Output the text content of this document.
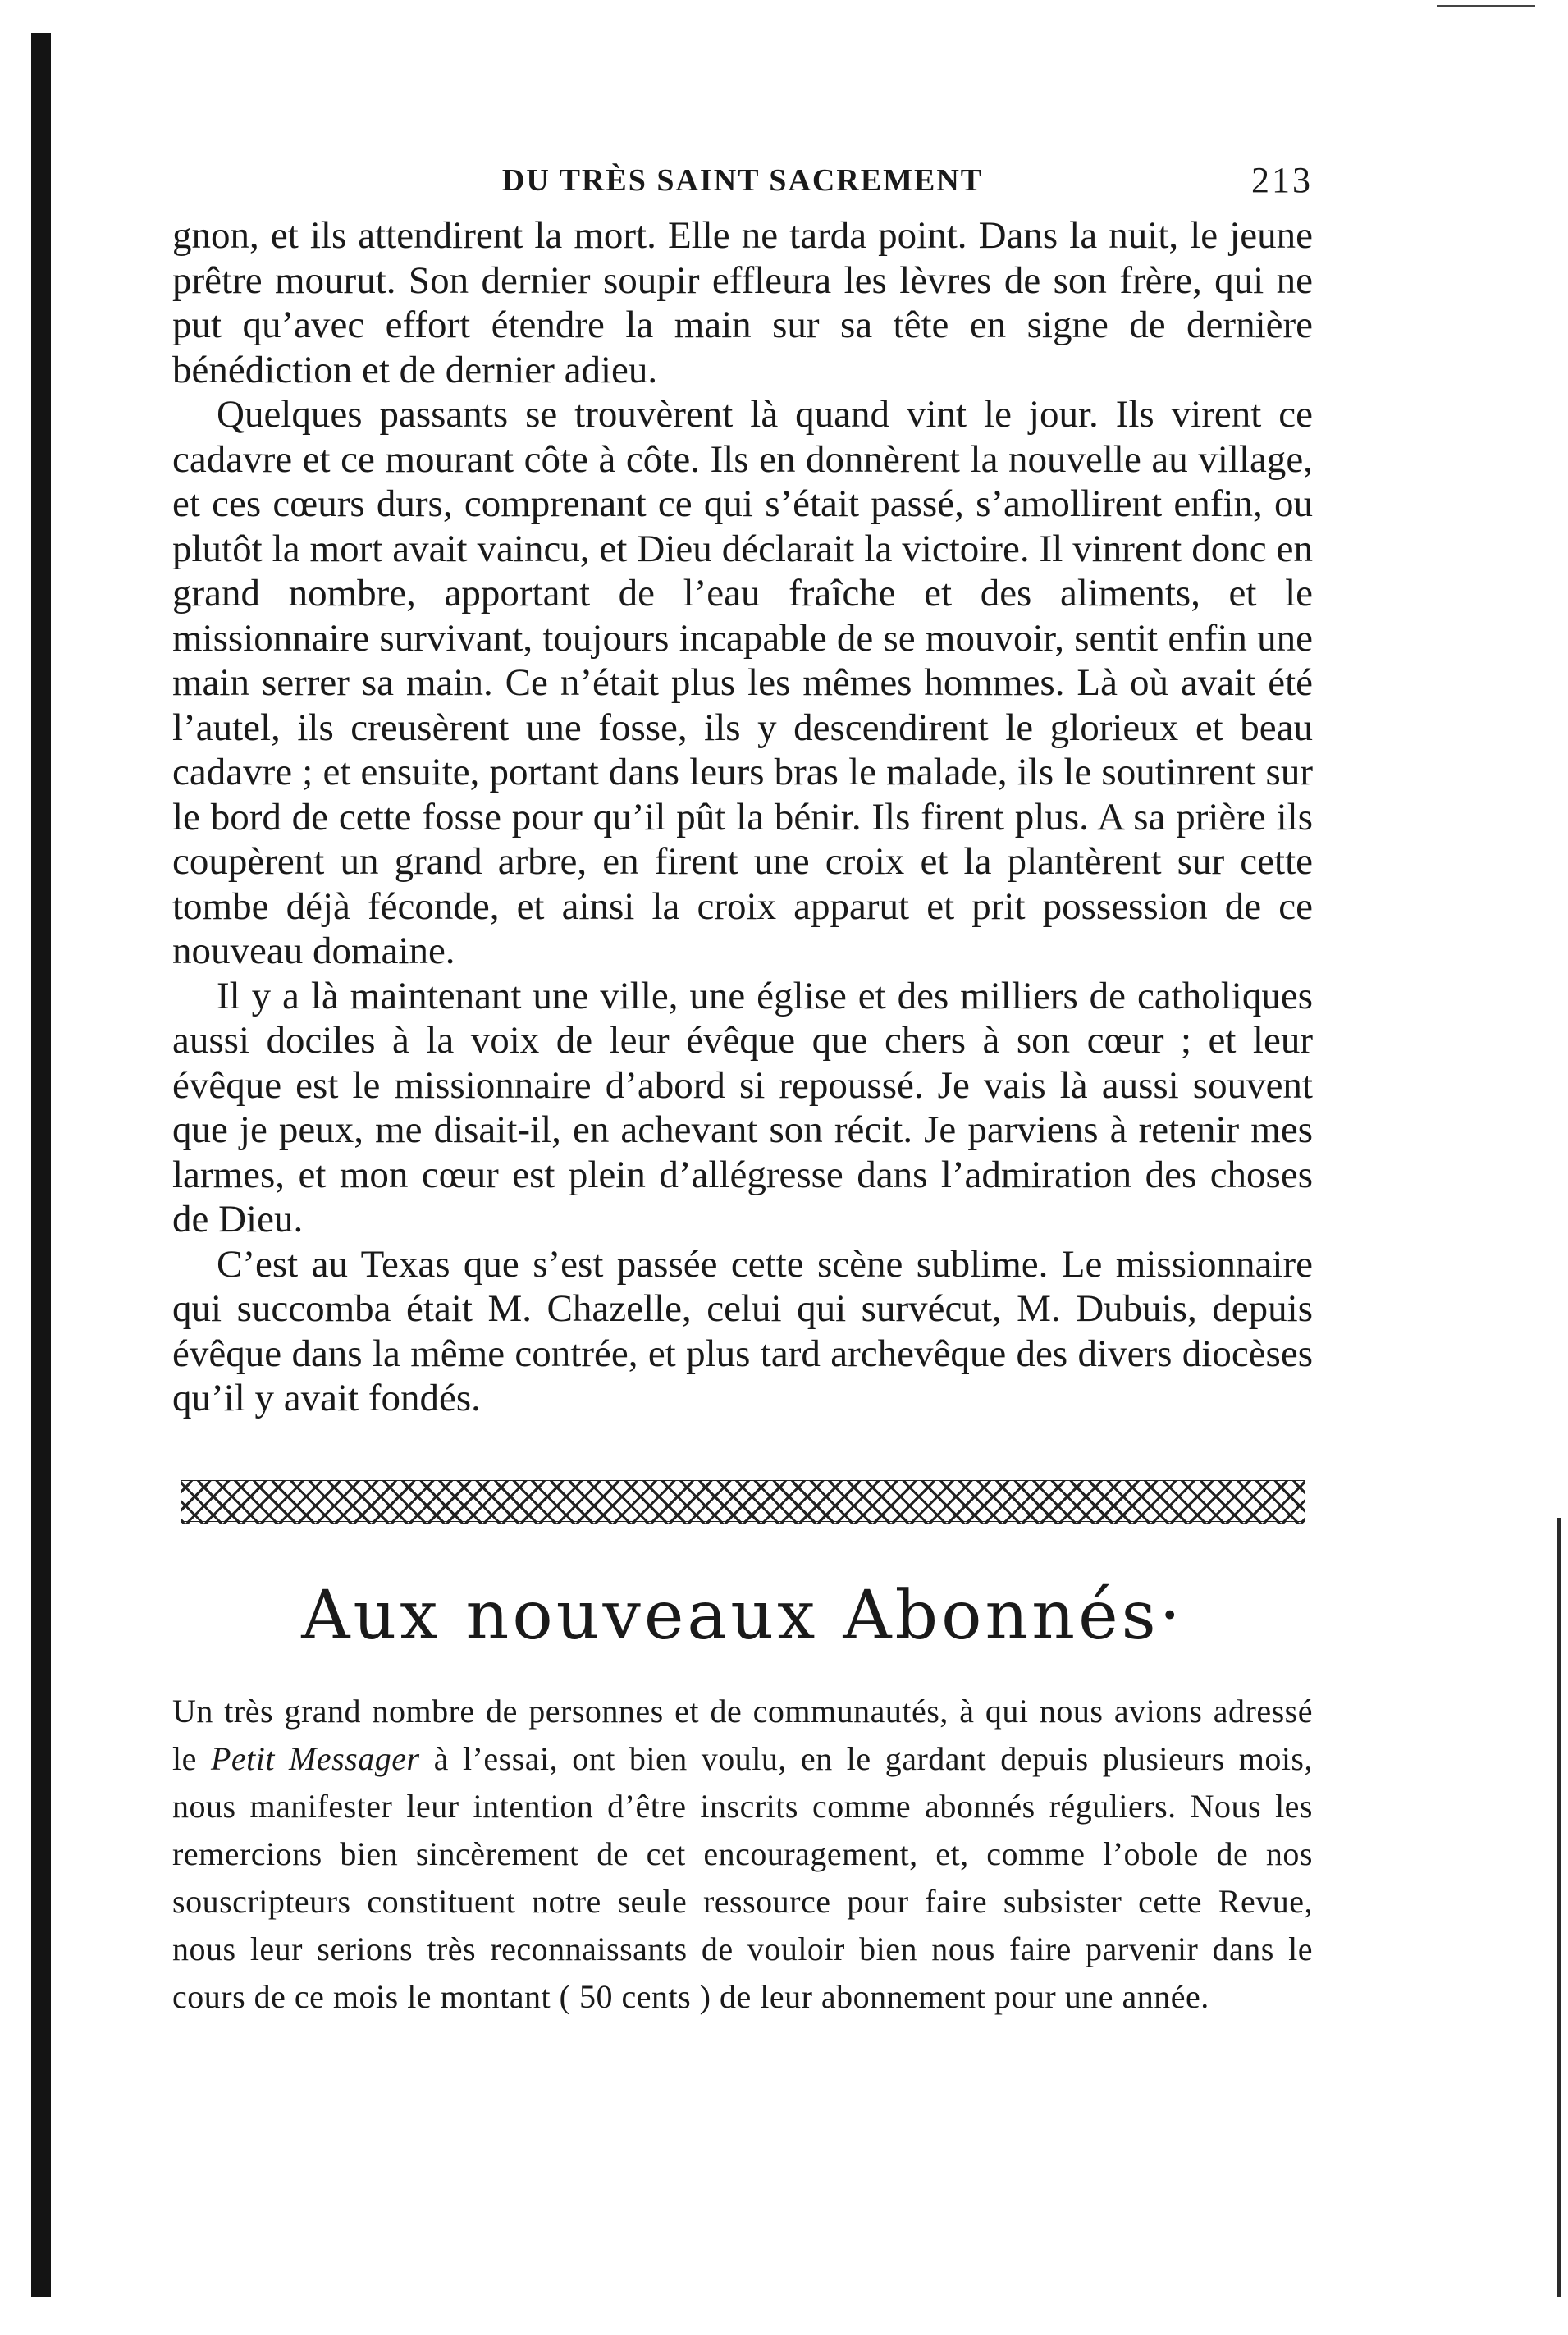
DU TRÈS SAINT SACREMENT	213

gnon, et ils attendirent la mort. Elle ne tarda point. Dans la nuit, le jeune prêtre mourut. Son dernier soupir effleura les lèvres de son frère, qui ne put qu’avec effort étendre la main sur sa tête en signe de dernière bénédiction et de dernier adieu.

Quelques passants se trouvèrent là quand vint le jour. Ils virent ce cadavre et ce mourant côte à côte. Ils en donnèrent la nouvelle au village, et ces cœurs durs, comprenant ce qui s’était passé, s’amollirent enfin, ou plutôt la mort avait vaincu, et Dieu déclarait la victoire. Il vinrent donc en grand nombre, apportant de l’eau fraîche et des aliments, et le missionnaire survivant, toujours incapable de se mouvoir, sentit enfin une main serrer sa main. Ce n’était plus les mêmes hommes. Là où avait été l’autel, ils creusèrent une fosse, ils y descendirent le glorieux et beau cadavre ; et ensuite, portant dans leurs bras le malade, ils le soutinrent sur le bord de cette fosse pour qu’il pût la bénir. Ils firent plus. A sa prière ils coupèrent un grand arbre, en firent une croix et la plantèrent sur cette tombe déjà féconde, et ainsi la croix apparut et prit possession de ce nouveau domaine.

Il y a là maintenant une ville, une église et des milliers de catholiques aussi dociles à la voix de leur évêque que chers à son cœur ; et leur évêque est le missionnaire d’abord si repoussé. Je vais là aussi souvent que je peux, me disait-il, en achevant son récit. Je parviens à retenir mes larmes, et mon cœur est plein d’allégresse dans l’admiration des choses de Dieu.

C’est au Texas que s’est passée cette scène sublime. Le missionnaire qui succomba était M. Chazelle, celui qui survécut, M. Dubuis, depuis évêque dans la même contrée, et plus tard archevêque des divers diocèses qu’il y avait fondés.

Aux nouveaux Abonnés·

Un très grand nombre de personnes et de communautés, à qui nous avions adressé le Petit Messager à l’essai, ont bien voulu, en le gardant depuis plusieurs mois, nous manifester leur intention d’être inscrits comme abonnés réguliers. Nous les remercions bien sincèrement de cet encouragement, et, comme l’obole de nos souscripteurs constituent notre seule ressource pour faire subsister cette Revue, nous leur serions très reconnaissants de vouloir bien nous faire parvenir dans le cours de ce mois le montant ( 50 cents ) de leur abonnement pour une année.
